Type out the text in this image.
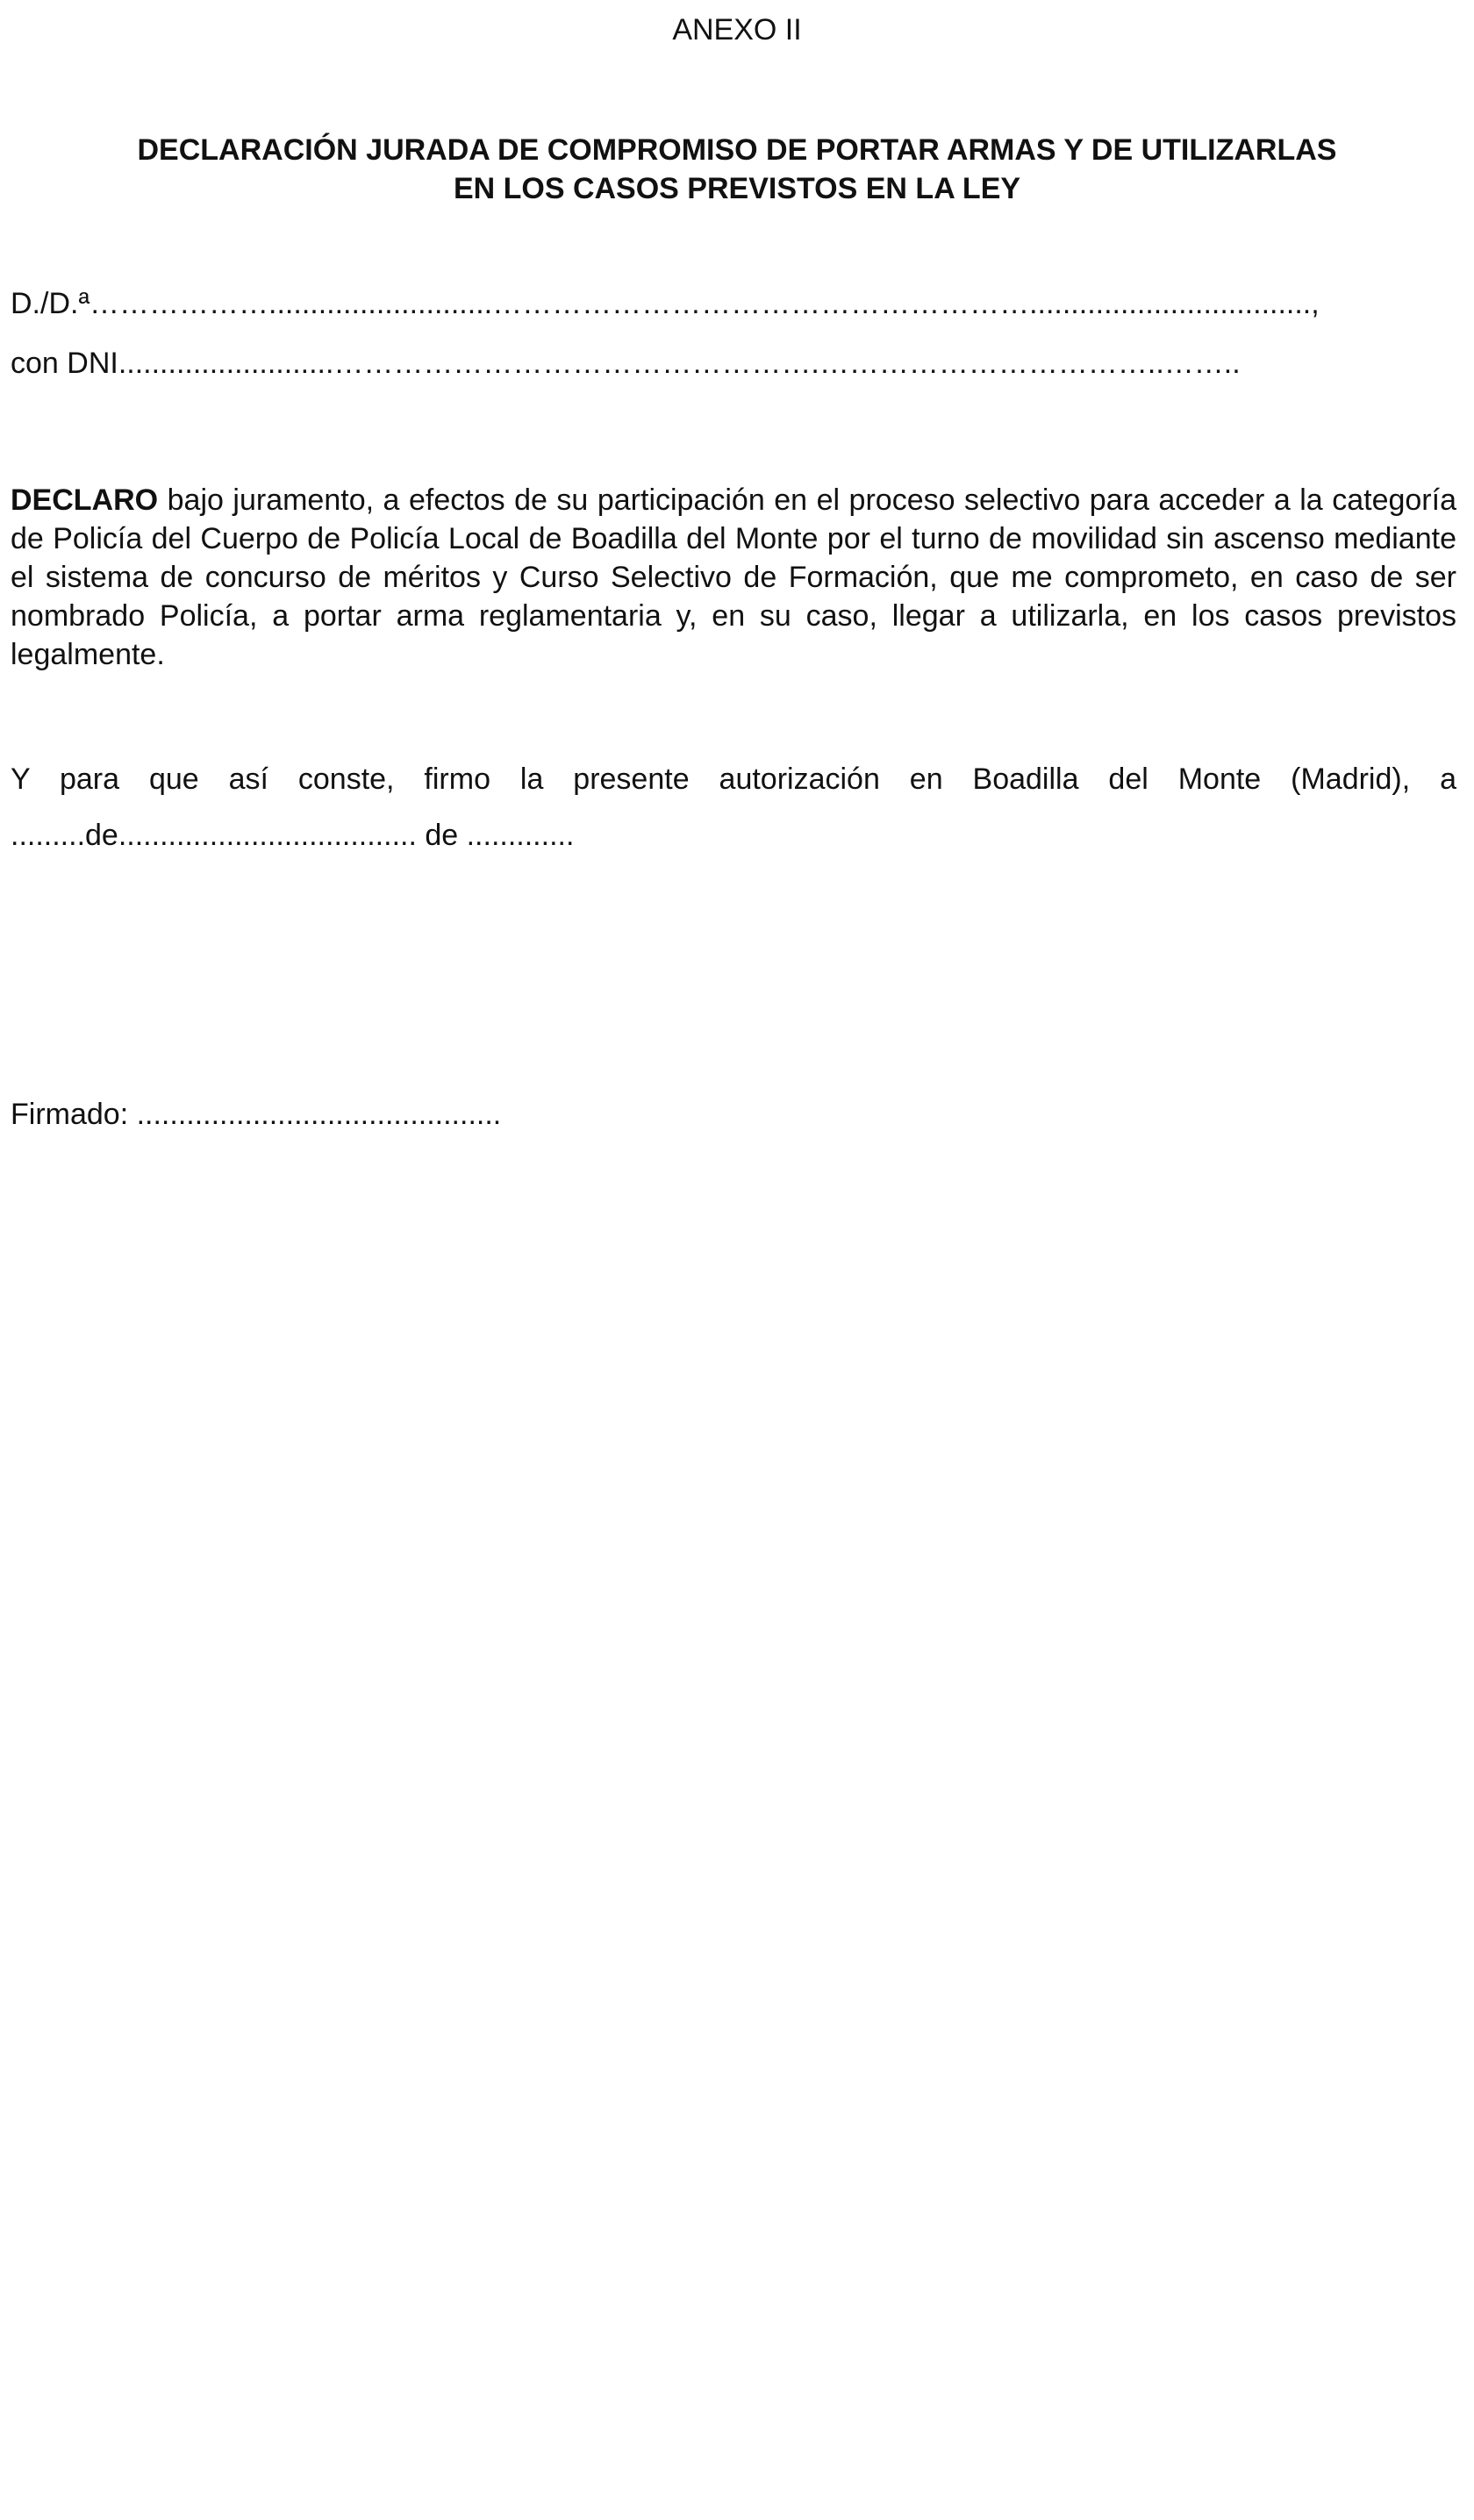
ANEXO II
DECLARACIÓN JURADA DE COMPROMISO DE PORTAR ARMAS Y DE UTILIZARLAS
EN LOS CASOS PREVISTOS EN LA LEY
D./D.ª………………...........................………………………………………………..................................,
con DNI..........................………………………………………….……………………………..……..
DECLARO bajo juramento, a efectos de su participación en el proceso selectivo para acceder a la categoría de Policía del Cuerpo de Policía Local de Boadilla del Monte por el turno de movilidad sin ascenso mediante el sistema de concurso de méritos y Curso Selectivo de Formación, que me comprometo, en caso de ser nombrado Policía, a portar arma reglamentaria y, en su caso, llegar a utilizarla, en los casos previstos legalmente.
Y para que así conste, firmo la presente autorización en Boadilla del Monte (Madrid), a .........de.................................... de .............
Firmado: ............................................
